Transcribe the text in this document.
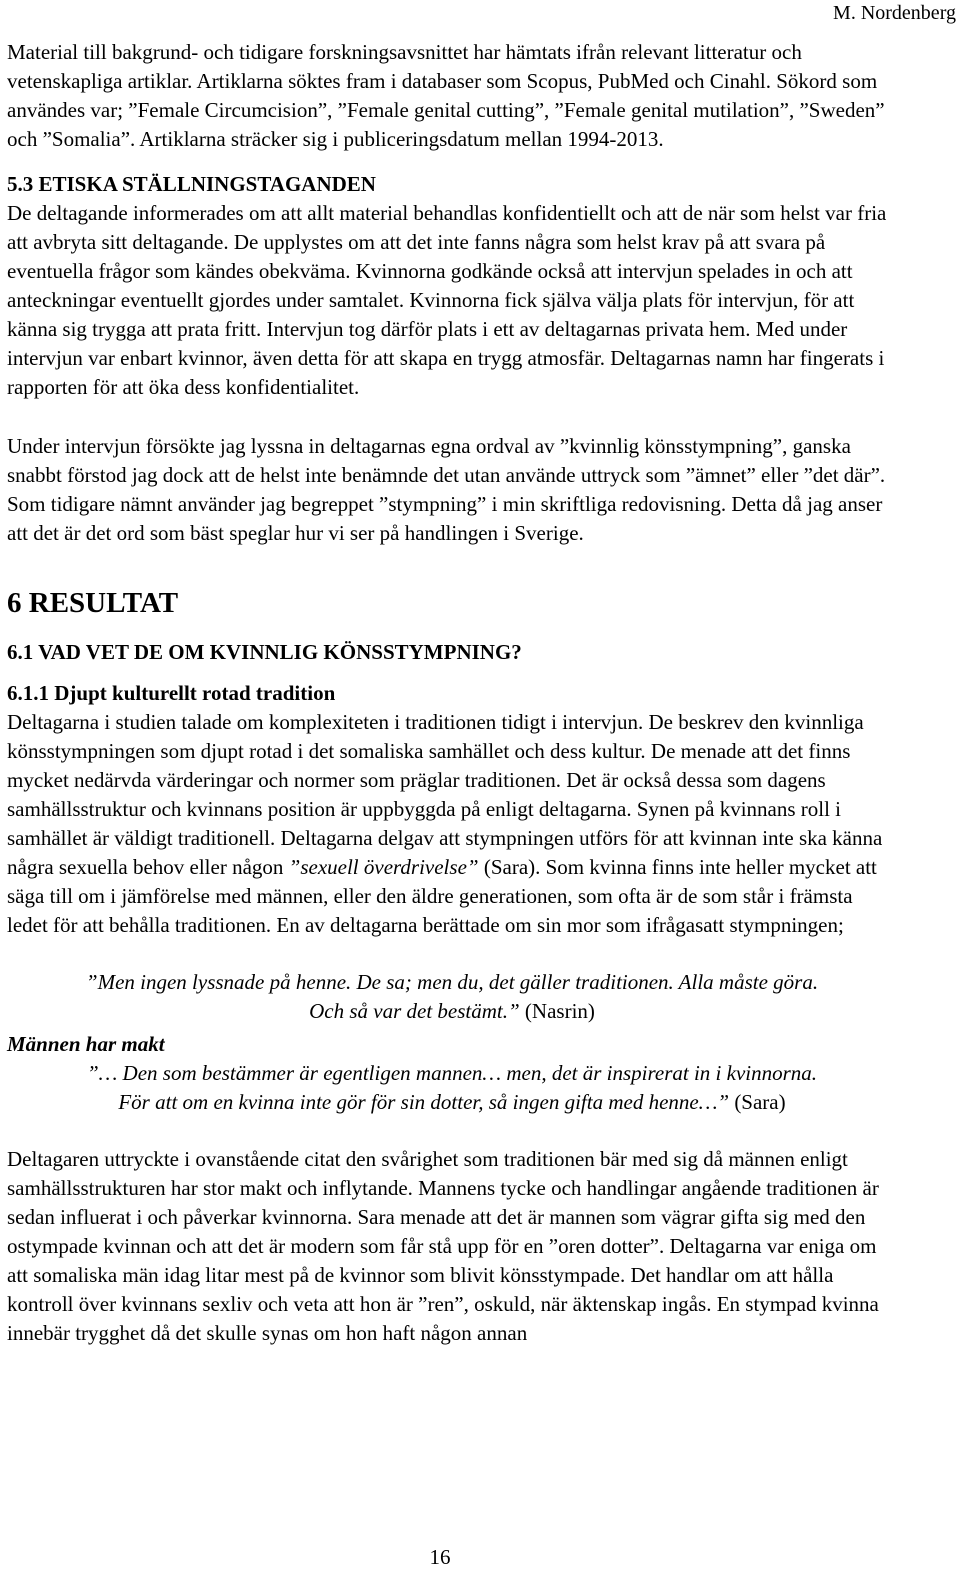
M. Nordenberg

Material till bakgrund- och tidigare forskningsavsnittet har hämtats ifrån relevant litteratur och vetenskapliga artiklar. Artiklarna söktes fram i databaser som Scopus, PubMed och Cinahl. Sökord som användes var; ”Female Circumcision”, ”Female genital cutting”, ”Female genital mutilation”, ”Sweden” och ”Somalia”. Artiklarna sträcker sig i publiceringsdatum mellan 1994-2013.

5.3 ETISKA STÄLLNINGSTAGANDEN

De deltagande informerades om att allt material behandlas konfidentiellt och att de när som helst var fria att avbryta sitt deltagande. De upplystes om att det inte fanns några som helst krav på att svara på eventuella frågor som kändes obekväma. Kvinnorna godkände också att intervjun spelades in och att anteckningar eventuellt gjordes under samtalet. Kvinnorna fick själva välja plats för intervjun, för att känna sig trygga att prata fritt. Intervjun tog därför plats i ett av deltagarnas privata hem. Med under intervjun var enbart kvinnor, även detta för att skapa en trygg atmosfär. Deltagarnas namn har fingerats i rapporten för att öka dess konfidentialitet.

Under intervjun försökte jag lyssna in deltagarnas egna ordval av ”kvinnlig könsstympning”, ganska snabbt förstod jag dock att de helst inte benämnde det utan använde uttryck som ”ämnet” eller ”det där”. Som tidigare nämnt använder jag begreppet ”stympning” i min skriftliga redovisning. Detta då jag anser att det är det ord som bäst speglar hur vi ser på handlingen i Sverige.

6 RESULTAT
6.1 VAD VET DE OM KVINNLIG KÖNSSTYMPNING?
6.1.1 Djupt kulturellt rotad tradition

Deltagarna i studien talade om komplexiteten i traditionen tidigt i intervjun. De beskrev den kvinnliga könsstympningen som djupt rotad i det somaliska samhället och dess kultur. De menade att det finns mycket nedärvda värderingar och normer som präglar traditionen. Det är också dessa som dagens samhällsstruktur och kvinnans position är uppbyggda på enligt deltagarna. Synen på kvinnans roll i samhället är väldigt traditionell. Deltagarna delgav att stympningen utförs för att kvinnan inte ska känna några sexuella behov eller någon ”sexuell överdrivelse” (Sara). Som kvinna finns inte heller mycket att säga till om i jämförelse med männen, eller den äldre generationen, som ofta är de som står i främsta ledet för att behålla traditionen. En av deltagarna berättade om sin mor som ifrågasatt stympningen;

”Men ingen lyssnade på henne. De sa; men du, det gäller traditionen. Alla måste göra.
Och så var det bestämt.” (Nasrin)
Männen har makt
”… Den som bestämmer är egentligen mannen… men, det är inspirerat in i kvinnorna.
För att om en kvinna inte gör för sin dotter, så ingen gifta med henne…” (Sara)

Deltagaren uttryckte i ovanstående citat den svårighet som traditionen bär med sig då männen enligt samhällsstrukturen har stor makt och inflytande. Mannens tycke och handlingar angående traditionen är sedan influerat i och påverkar kvinnorna. Sara menade att det är mannen som vägrar gifta sig med den ostympade kvinnan och att det är modern som får stå upp för en ”oren dotter”. Deltagarna var eniga om att somaliska män idag litar mest på de kvinnor som blivit könsstympade. Det handlar om att hålla kontroll över kvinnans sexliv och veta att hon är ”ren”, oskuld, när äktenskap ingås. En stympad kvinna innebär trygghet då det skulle synas om hon haft någon annan

16
